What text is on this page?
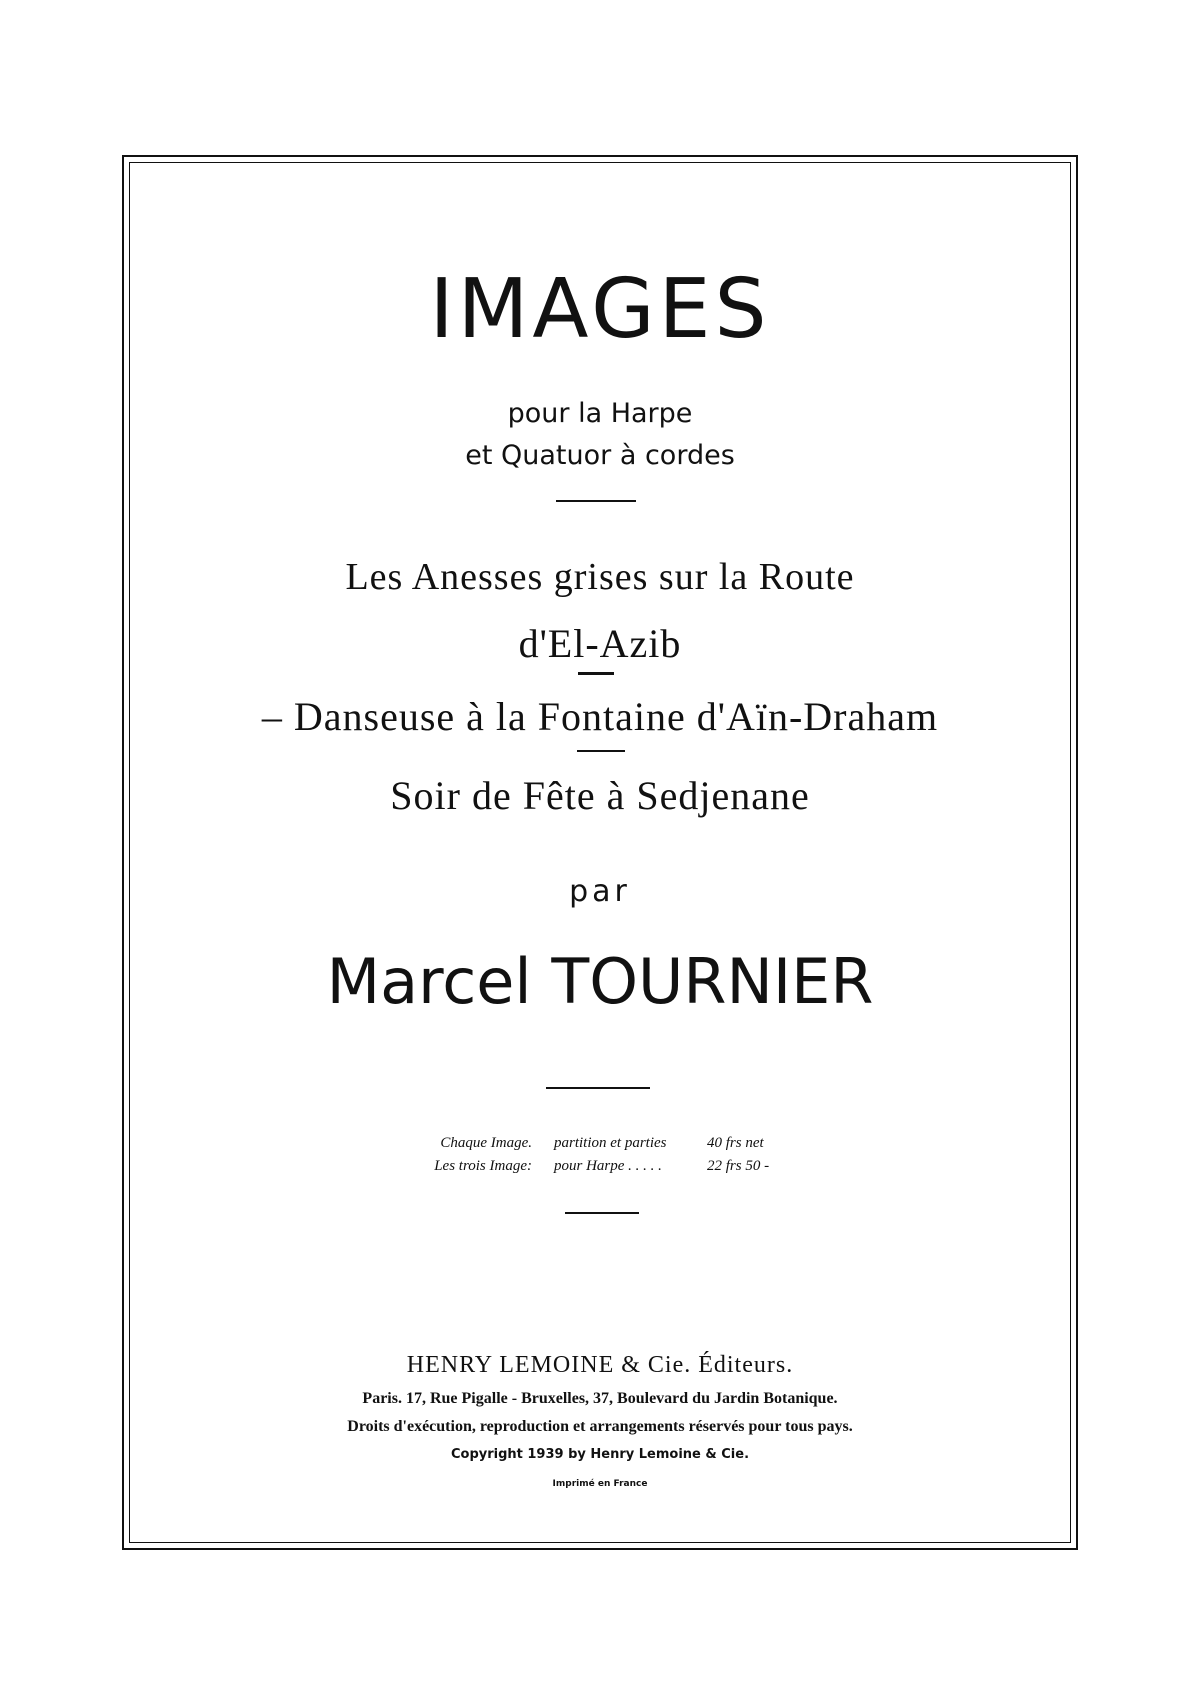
IMAGES
pour la Harpe
et Quatuor à cordes
Les Anesses grises sur la Route
d'El-Azib
– Danseuse à la Fontaine d'Aïn-Draham
Soir de Fête à Sedjenane
par
Marcel TOURNIER
Chaque Image. partition et parties	40 frs net
Les trois Image: pour Harpe . . . . .	22 frs 50 -
HENRY LEMOINE & Cie. Éditeurs.
Paris. 17, Rue Pigalle - Bruxelles, 37, Boulevard du Jardin Botanique.
Droits d'exécution, reproduction et arrangements réservés pour tous pays.
Copyright 1939 by Henry Lemoine & Cie.
Imprimé en France
